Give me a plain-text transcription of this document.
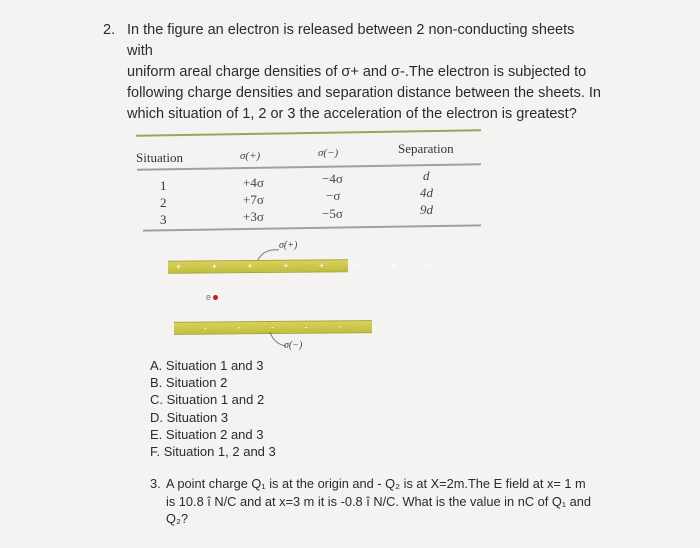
2. In the figure an electron is released between 2 non-conducting sheets with
uniform areal charge densities of σ+ and σ-.The electron is subjected to
following charge densities and separation distance between the sheets. In
which situation of 1, 2 or 3 the acceleration of the electron is greatest?
Situation	σ(+)	σ(−)	Separation
1	+4σ	−4σ	d
2	+7σ	−σ	4d
3	+3σ	−5σ	9d
σ(+)
+ + + + + + + +
e
- - - - - - - -
σ(−)
A. Situation 1 and 3
B. Situation 2
C. Situation 1 and 2
D. Situation 3
E. Situation 2 and 3
F. Situation 1, 2 and 3
3. A point charge Q₁ is at the origin and - Q₂ is at X=2m.The E field at x= 1 m
is 10.8 î N/C and at x=3 m it is -0.8 î N/C. What is the value in nC of Q₁ and
Q₂?
